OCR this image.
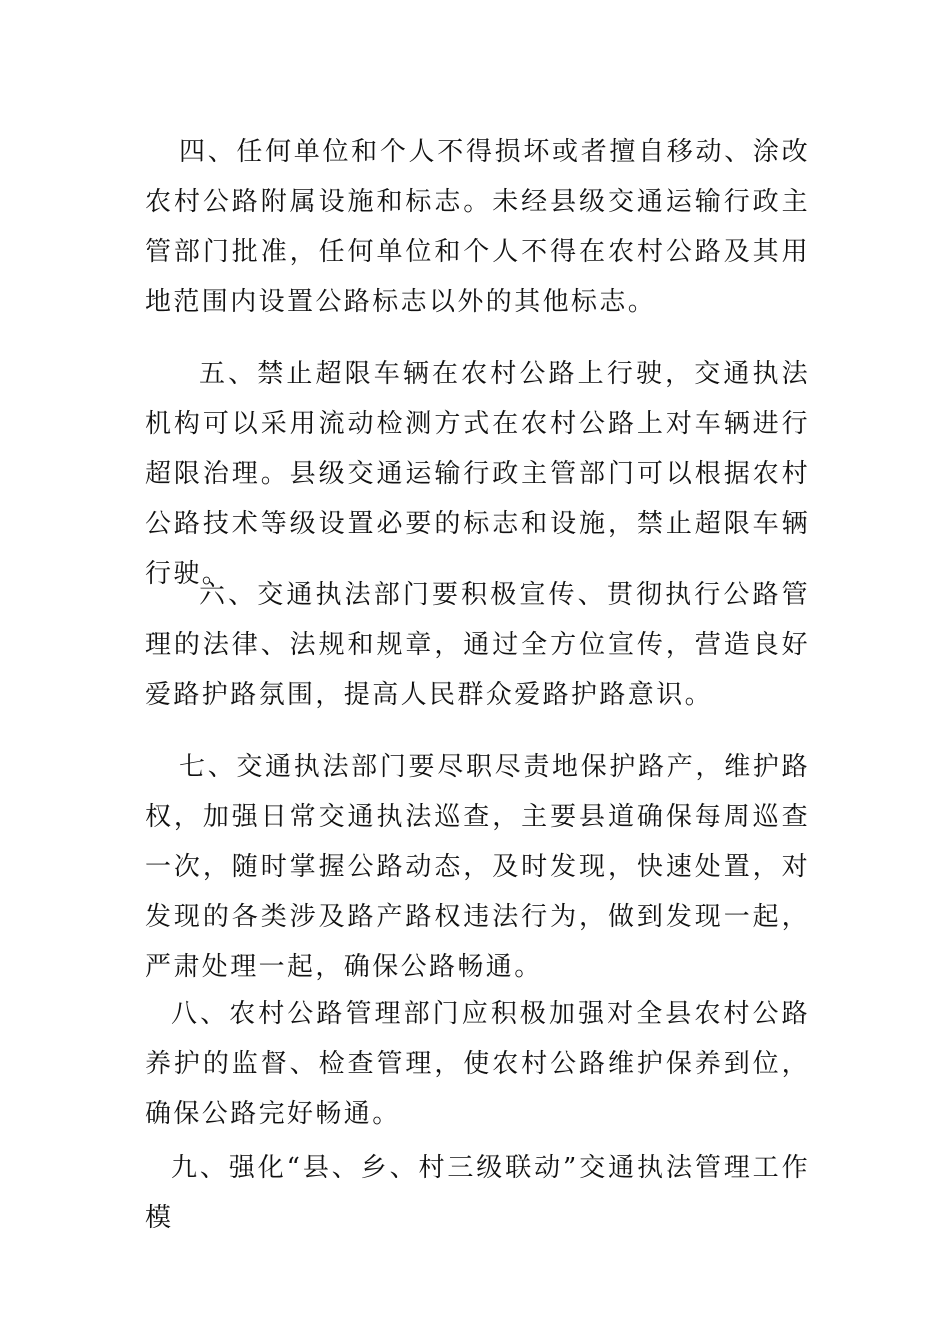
四、任何单位和个人不得损坏或者擅自移动、涂改农村公路附属设施和标志。未经县级交通运输行政主管部门批准，任何单位和个人不得在农村公路及其用地范围内设置公路标志以外的其他标志。

五、禁止超限车辆在农村公路上行驶，交通执法机构可以采用流动检测方式在农村公路上对车辆进行超限治理。县级交通运输行政主管部门可以根据农村公路技术等级设置必要的标志和设施，禁止超限车辆行驶。

六、交通执法部门要积极宣传、贯彻执行公路管理的法律、法规和规章，通过全方位宣传，营造良好爱路护路氛围，提高人民群众爱路护路意识。

七、交通执法部门要尽职尽责地保护路产，维护路权，加强日常交通执法巡查，主要县道确保每周巡查一次，随时掌握公路动态，及时发现，快速处置，对发现的各类涉及路产路权违法行为，做到发现一起，严肃处理一起，确保公路畅通。

八、农村公路管理部门应积极加强对全县农村公路养护的监督、检查管理，使农村公路维护保养到位，确保公路完好畅通。

九、强化“县、乡、村三级联动”交通执法管理工作模
